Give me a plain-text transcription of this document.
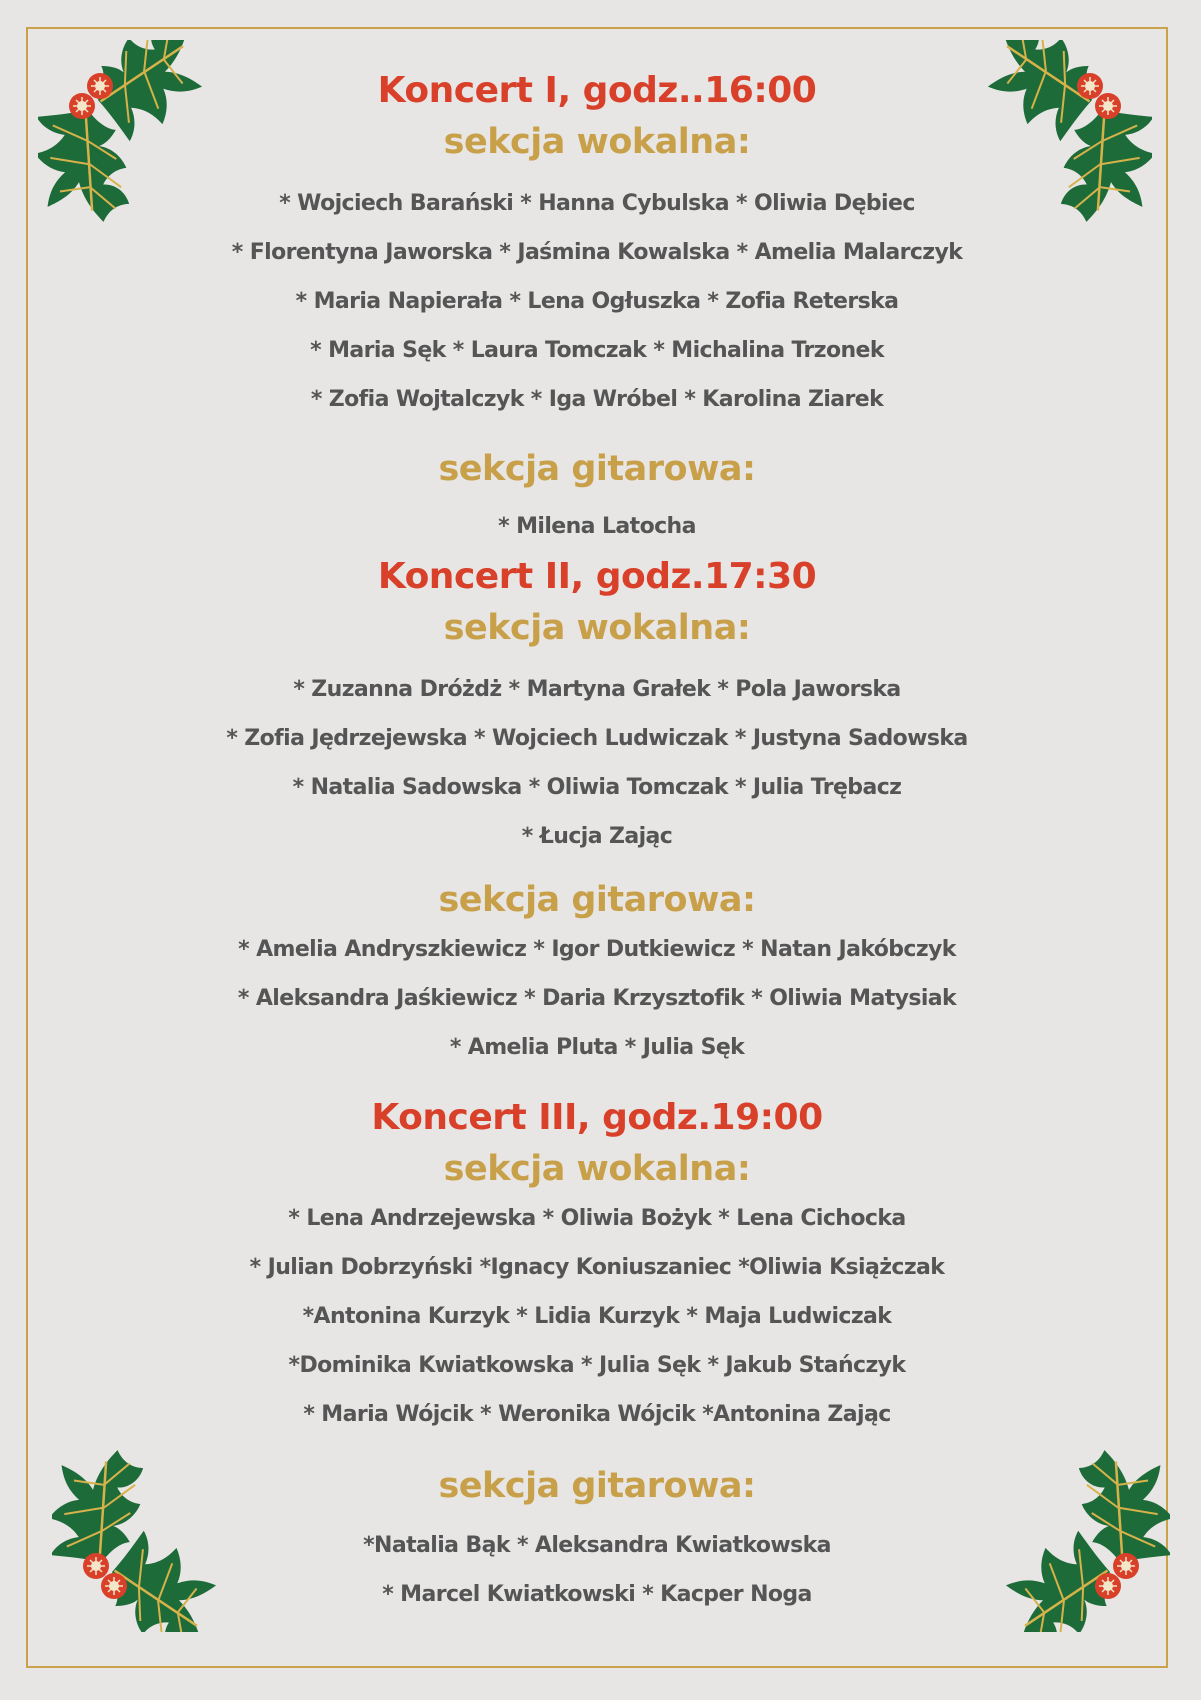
Koncert I, godz..16:00
sekcja wokalna:
* Wojciech Barański * Hanna Cybulska * Oliwia Dębiec
* Florentyna Jaworska * Jaśmina Kowalska * Amelia Malarczyk
* Maria Napierała * Lena Ogłuszka * Zofia Reterska
* Maria Sęk * Laura Tomczak * Michalina Trzonek
* Zofia Wojtalczyk * Iga Wróbel * Karolina Ziarek
sekcja gitarowa:
* Milena Latocha
Koncert II, godz.17:30
sekcja wokalna:
* Zuzanna Dróżdż * Martyna Grałek * Pola Jaworska
* Zofia Jędrzejewska * Wojciech Ludwiczak * Justyna Sadowska
* Natalia Sadowska * Oliwia Tomczak * Julia Trębacz
* Łucja Zając
sekcja gitarowa:
* Amelia Andryszkiewicz * Igor Dutkiewicz * Natan Jakóbczyk
* Aleksandra Jaśkiewicz * Daria Krzysztofik * Oliwia Matysiak
* Amelia Pluta * Julia Sęk
Koncert III, godz.19:00
sekcja wokalna:
* Lena Andrzejewska * Oliwia Bożyk * Lena Cichocka
* Julian Dobrzyński *Ignacy Koniuszaniec *Oliwia Książczak
*Antonina Kurzyk * Lidia Kurzyk * Maja Ludwiczak
*Dominika Kwiatkowska * Julia Sęk * Jakub Stańczyk
* Maria Wójcik * Weronika Wójcik *Antonina Zając
sekcja gitarowa:
*Natalia Bąk * Aleksandra Kwiatkowska
* Marcel Kwiatkowski * Kacper Noga
